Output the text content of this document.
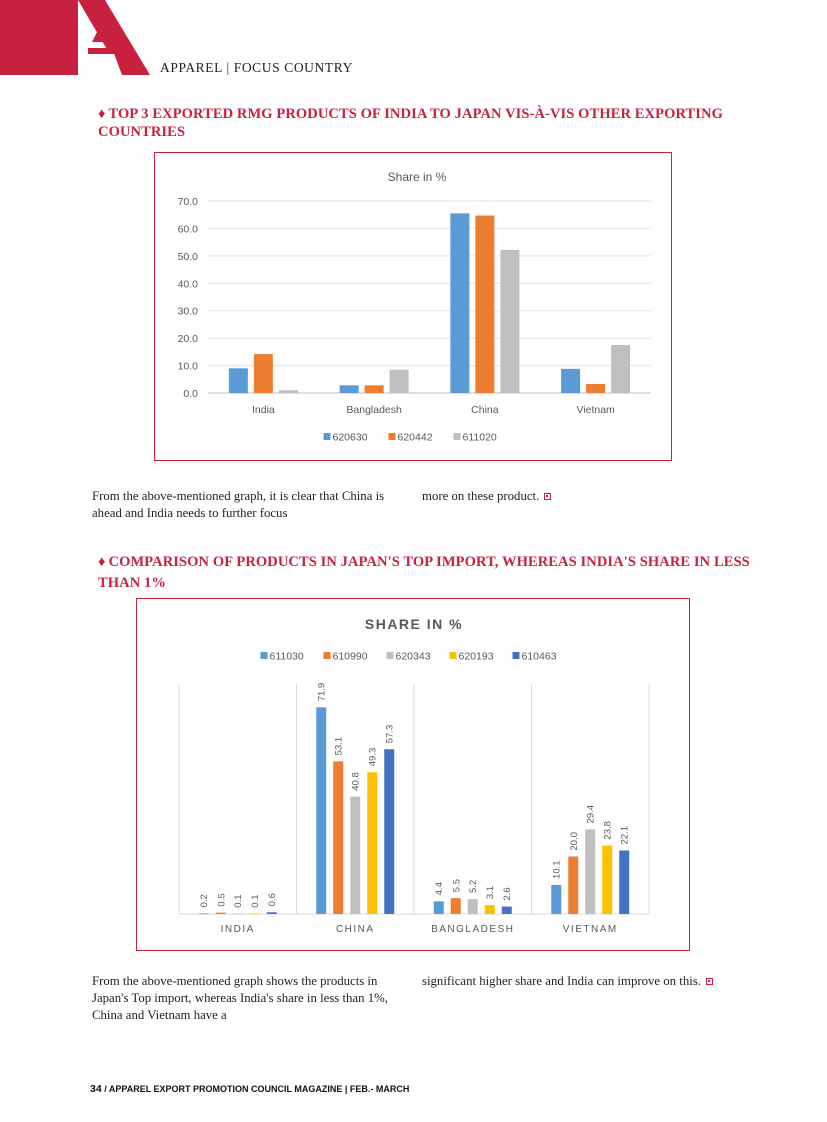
APPAREL | FOCUS COUNTRY
♦ TOP 3 EXPORTED RMG PRODUCTS OF INDIA TO JAPAN VIS-À-VIS OTHER EXPORTING COUNTRIES
Share in %
0.0
10.0
20.0
30.0
40.0
50.0
60.0
70.0
India	Bangladesh	China	Vietnam
620630	620442	611020
From the above-mentioned graph, it is clear that China is ahead and India needs to further focus
more on these product.
♦ COMPARISON OF PRODUCTS IN JAPAN'S TOP IMPORT, WHEREAS INDIA'S SHARE IN LESS THAN 1%
SHARE IN %
611030	610990	620343	620193	610463
0.2 0.5 0.1 0.1 0.6
INDIA
71.9
53.1
40.8
49.3
57.3
CHINA
4.4 5.5 5.2 3.1 2.6
BANGLADESH
10.1
20.0
29.4
23.8 22.1
VIETNAM
From the above-mentioned graph shows the products in Japan's Top import, whereas India's share in less than 1%, China and Vietnam have a
significant higher share and India can improve on this.
34 / APPAREL EXPORT PROMOTION COUNCIL MAGAZINE | FEB.- MARCH
